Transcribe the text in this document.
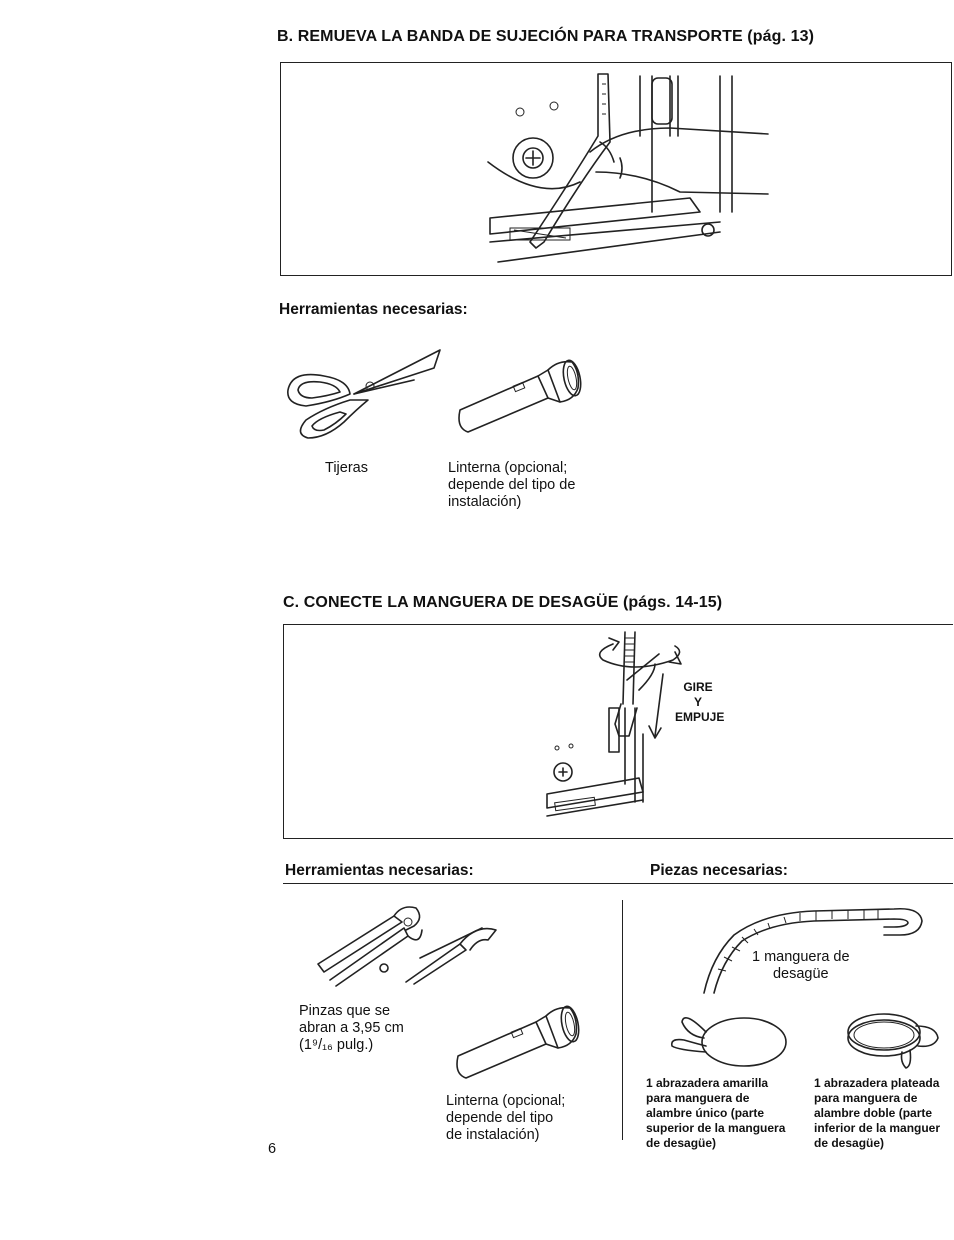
B. REMUEVA LA BANDA DE SUJECIÓN PARA TRANSPORTE (pág. 13)
Herramientas necesarias:
Tijeras	Linterna (opcional;
depende del tipo de
instalación)
C. CONECTE LA MANGUERA DE DESAGÜE (págs. 14-15)
GIRE
Y
EMPUJE
Herramientas necesarias:	Piezas necesarias:
Pinzas que se
abran a 3,95 cm
(1⁹/₁₆ pulg.)
Linterna (opcional;
depende del tipo
de instalación)
1 manguera de
desagüe
1 abrazadera amarilla
para manguera de
alambre único (parte
superior de la manguera
de desagüe)
1 abrazadera plateada
para manguera de
alambre doble (parte
inferior de la manguer
de desagüe)
6
